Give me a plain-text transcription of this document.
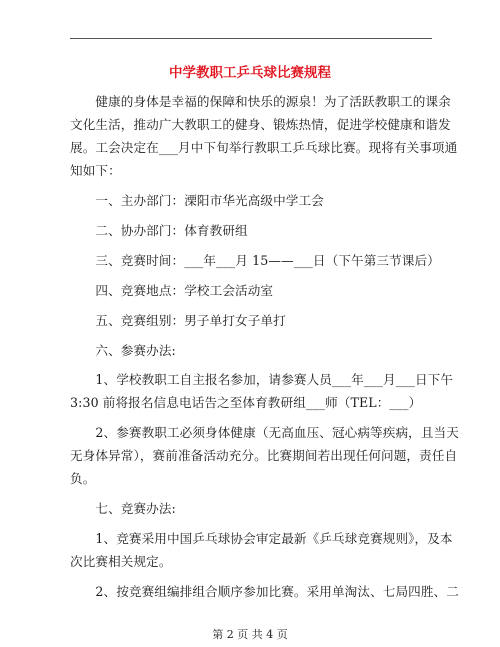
中学教职工乒乓球比赛规程
　　健康的身体是幸福的保障和快乐的源泉！为了活跃教职工的课余
文化生活，推动广大教职工的健身、锻炼热情，促进学校健康和谐发
展。工会决定在___月中下旬举行教职工乒乓球比赛。现将有关事项通
知如下：
　　一、主办部门：溧阳市华光高级中学工会
　　二、协办部门：体育教研组
　　三、竞赛时间：___年___月 15——___日（下午第三节课后）
　　四、竞赛地点：学校工会活动室
　　五、竞赛组别：男子单打女子单打
　　六、参赛办法:
　　1、学校教职工自主报名参加，请参赛人员___年___月___日下午
3:30 前将报名信息电话告之至体育教研组___师（TEL：___）
　　2、参赛教职工必须身体健康（无高血压、冠心病等疾病，且当天
无身体异常），赛前准备活动充分。比赛期间若出现任何问题，责任自
负。
　　七、竞赛办法:
　　1、竞赛采用中国乒乓球协会审定最新《乒乓球竞赛规则》，及本
次比赛相关规定。
　　2、按竞赛组编排组合顺序参加比赛。采用单淘汰、七局四胜、二
第 2 页 共 4 页
